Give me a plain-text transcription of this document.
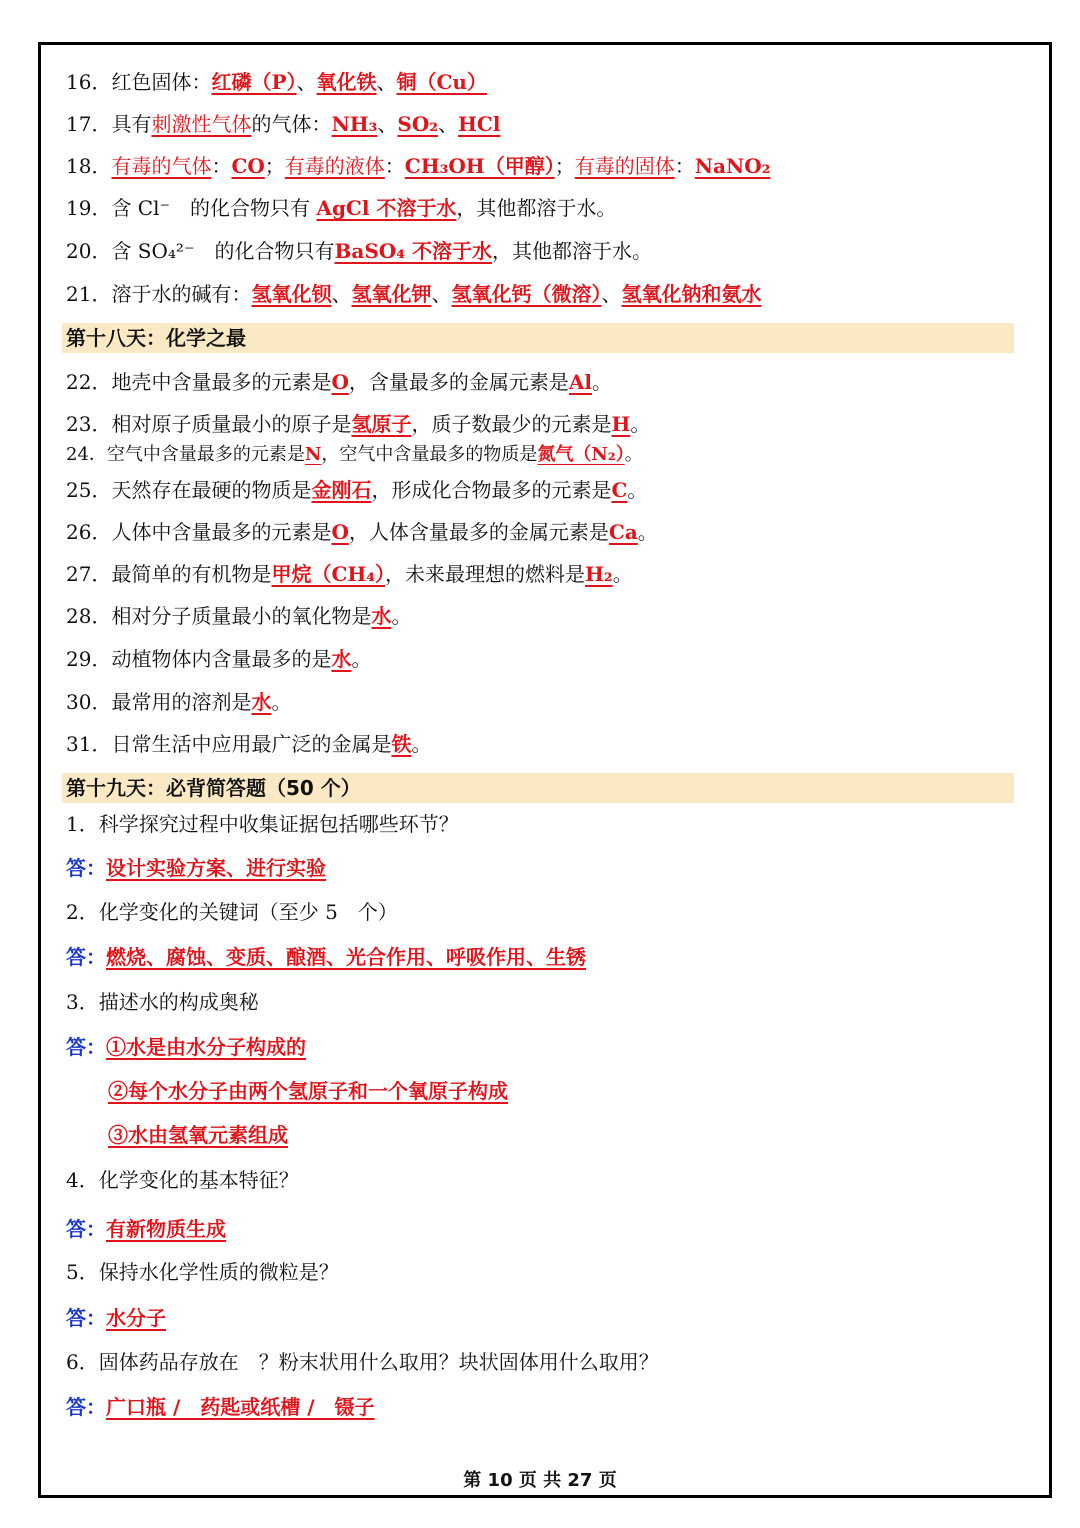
16．红色固体：红磷（P）、氧化铁、铜（Cu）
17．具有刺激性气体的气体：NH₃、SO₂、HCl
18．有毒的气体：CO；有毒的液体：CH₃OH（甲醇）；有毒的固体：NaNO₂
19．含 Cl⁻　的化合物只有 AgCl 不溶于水，其他都溶于水。
20．含 SO₄²⁻　的化合物只有BaSO₄ 不溶于水，其他都溶于水。
21．溶于水的碱有：氢氧化钡、氢氧化钾、氢氧化钙（微溶）、氢氧化钠和氨水
第十八天：化学之最
22．地壳中含量最多的元素是O，含量最多的金属元素是Al。
23．相对原子质量最小的原子是氢原子，质子数最少的元素是H。
24．空气中含量最多的元素是N，空气中含量最多的物质是氮气（N₂）。
25．天然存在最硬的物质是金刚石，形成化合物最多的元素是C。
26．人体中含量最多的元素是O，人体含量最多的金属元素是Ca。
27．最简单的有机物是甲烷（CH₄），未来最理想的燃料是H₂。
28．相对分子质量最小的氧化物是水。
29．动植物体内含量最多的是水。
30．最常用的溶剂是水。
31．日常生活中应用最广泛的金属是铁。
第十九天：必背简答题（50 个）
1．科学探究过程中收集证据包括哪些环节？
答：设计实验方案、进行实验
2．化学变化的关键词（至少 5　个）
答：燃烧、腐蚀、变质、酿酒、光合作用、呼吸作用、生锈
3．描述水的构成奥秘
答：①水是由水分子构成的
②每个水分子由两个氢原子和一个氧原子构成
③水由氢氧元素组成
4．化学变化的基本特征？
答：有新物质生成
5．保持水化学性质的微粒是？
答：水分子
6．固体药品存放在　？粉末状用什么取用？块状固体用什么取用？
答：广口瓶 /　药匙或纸槽 /　镊子
第 10 页 共 27 页
